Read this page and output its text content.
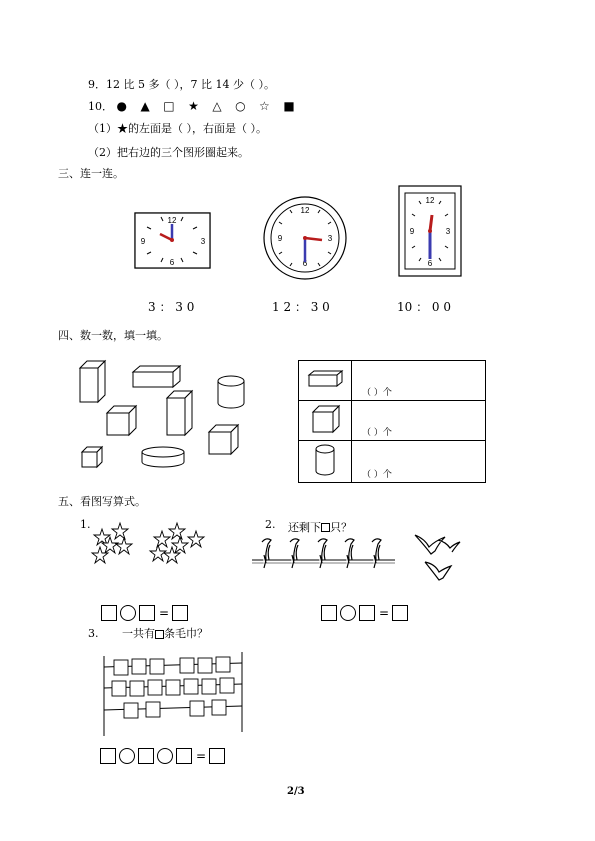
9．12 比 5 多（ ），7 比 14 少（ ）。
10． ● ▲ □ ★ △ ○ ☆ ■
（1）★的左面是（ ），右面是（ ）。
（2）把右边的三个图形圈起来。
三、连一连。
12
9	3
6
12
9	3
6
12
9	3
6
3 ： 3 0	1 2 ： 3 0	10 ： 0 0
四、数一数，填一填。
	（ ）个
	（ ）个
	（ ）个
五、看图写算式。
1.	2. 还剩下 只？
=	=
3. 一共有 条毛巾？
=
2/3
